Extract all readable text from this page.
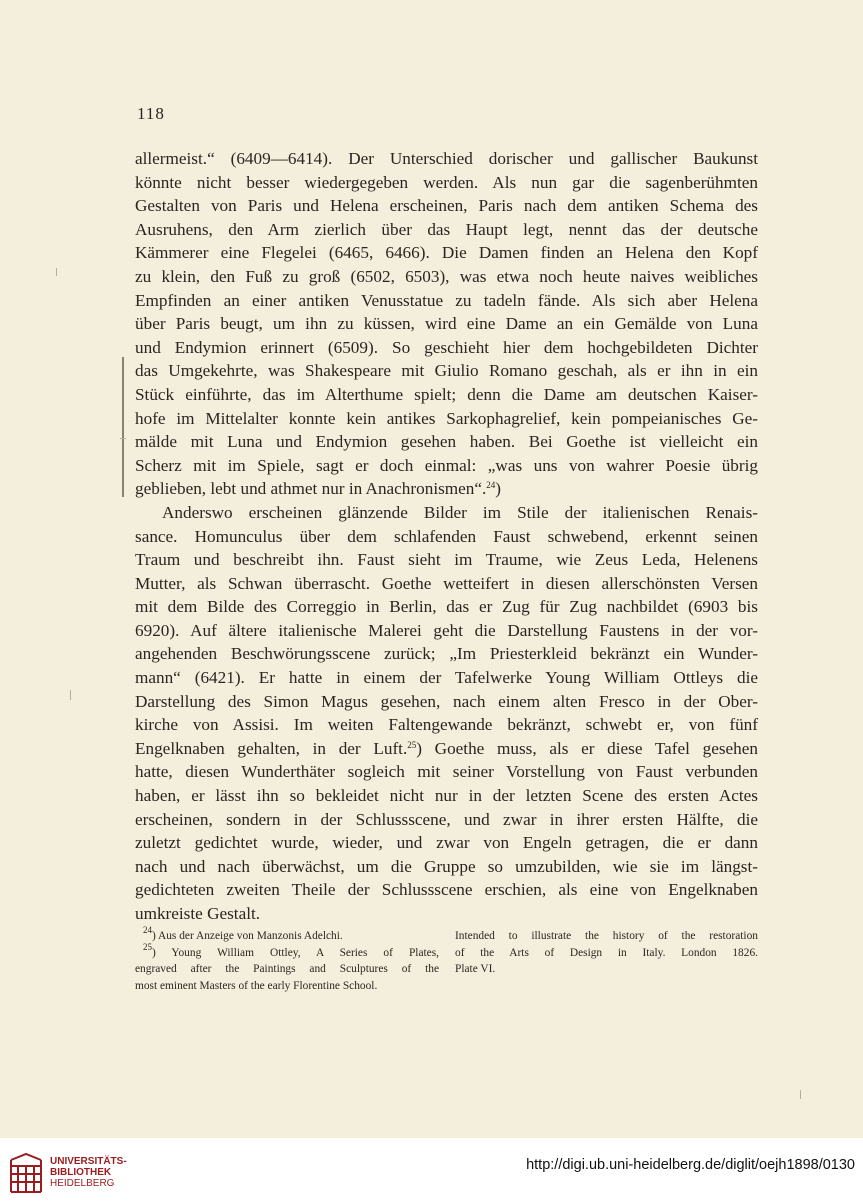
118
allermeist.“ (6409—6414). Der Unterschied dorischer und gallischer Baukunst
könnte nicht besser wiedergegeben werden. Als nun gar die sagenberühmten
Gestalten von Paris und Helena erscheinen, Paris nach dem antiken Schema des
Ausruhens, den Arm zierlich über das Haupt legt, nennt das der deutsche
Kämmerer eine Flegelei (6465, 6466). Die Damen finden an Helena den Kopf
zu klein, den Fuß zu groß (6502, 6503), was etwa noch heute naives weibliches
Empfinden an einer antiken Venusstatue zu tadeln fände. Als sich aber Helena
über Paris beugt, um ihn zu küssen, wird eine Dame an ein Gemälde von Luna
und Endymion erinnert (6509). So geschieht hier dem hochgebildeten Dichter
das Umgekehrte, was Shakespeare mit Giulio Romano geschah, als er ihn in ein
Stück einführte, das im Alterthume spielt; denn die Dame am deutschen Kaiser-
hofe im Mittelalter konnte kein antikes Sarkophagrelief, kein pompeianisches Ge-
mälde mit Luna und Endymion gesehen haben. Bei Goethe ist vielleicht ein
Scherz mit im Spiele, sagt er doch einmal: „was uns von wahrer Poesie übrig
geblieben, lebt und athmet nur in Anachronismen“.$^{24}$)
Anderswo erscheinen glänzende Bilder im Stile der italienischen Renais-
sance. Homunculus über dem schlafenden Faust schwebend, erkennt seinen
Traum und beschreibt ihn. Faust sieht im Traume, wie Zeus Leda, Helenens
Mutter, als Schwan überrascht. Goethe wetteifert in diesen allerschönsten Versen
mit dem Bilde des Correggio in Berlin, das er Zug für Zug nachbildet (6903 bis
6920). Auf ältere italienische Malerei geht die Darstellung Faustens in der vor-
angehenden Beschwörungsscene zurück; „Im Priesterkleid bekränzt ein Wunder-
mann“ (6421). Er hatte in einem der Tafelwerke Young William Ottleys die
Darstellung des Simon Magus gesehen, nach einem alten Fresco in der Ober-
kirche von Assisi. Im weiten Faltengewande bekränzt, schwebt er, von fünf
Engelknaben gehalten, in der Luft.$^{25}$) Goethe muss, als er diese Tafel gesehen
hatte, diesen Wunderthäter sogleich mit seiner Vorstellung von Faust verbunden
haben, er lässt ihn so bekleidet nicht nur in der letzten Scene des ersten Actes
erscheinen, sondern in der Schlussscene, und zwar in ihrer ersten Hälfte, die
zuletzt gedichtet wurde, wieder, und zwar von Engeln getragen, die er dann
nach und nach überwächst, um die Gruppe so umzubilden, wie sie im längst-
gedichteten zweiten Theile der Schlussscene erschien, als eine von Engelknaben
umkreiste Gestalt.
$^{24}$) Aus der Anzeige von Manzonis Adelchi.
$^{25}$) Young William Ottley, A Series of Plates,
engraved after the Paintings and Sculptures of the
most eminent Masters of the early Florentine School.
Intended to illustrate the history of the restoration
of the Arts of Design in Italy. London 1826.
Plate VI.
UNIVERSITÄTS-
BIBLIOTHEK
HEIDELBERG
http://digi.ub.uni-heidelberg.de/diglit/oejh1898/0130
